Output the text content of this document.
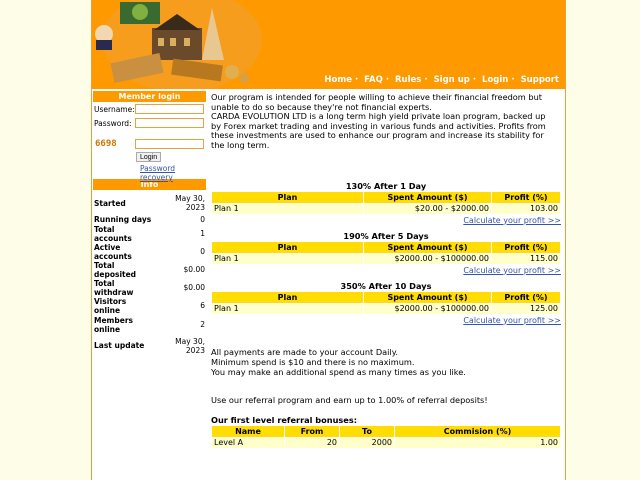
Home · FAQ · Rules · Sign up · Login · Support
Member login
Username:
Password:
6698
Login
Password recovery
Info
Started	May 30, 2023
Running days	0
Total accounts	1
Active accounts	0
Total deposited	$0.00
Total withdraw	$0.00
Visitors online	6
Members online	2
Last update	May 30, 2023
Our program is intended for people willing to achieve their financial freedom but unable to do so because they're not financial experts.
CARDA EVOLUTION LTD is a long term high yield private loan program, backed up by Forex market trading and investing in various funds and activities. Profits from these investments are used to enhance our program and increase its stability for the long term.
130% After 1 Day
Plan	Spent Amount ($)	Profit (%)
Plan 1	$20.00 - $2000.00	103.00
Calculate your profit >>
190% After 5 Days
Plan	Spent Amount ($)	Profit (%)
Plan 1	$2000.00 - $100000.00	115.00
Calculate your profit >>
350% After 10 Days
Plan	Spent Amount ($)	Profit (%)
Plan 1	$2000.00 - $100000.00	125.00
Calculate your profit >>
All payments are made to your account Daily.
Minimum spend is $10 and there is no maximum.
You may make an additional spend as many times as you like.
Use our referral program and earn up to 1.00% of referral deposits!
Our first level referral bonuses:
Name	From	To	Commision (%)
Level A	20	2000	1.00
